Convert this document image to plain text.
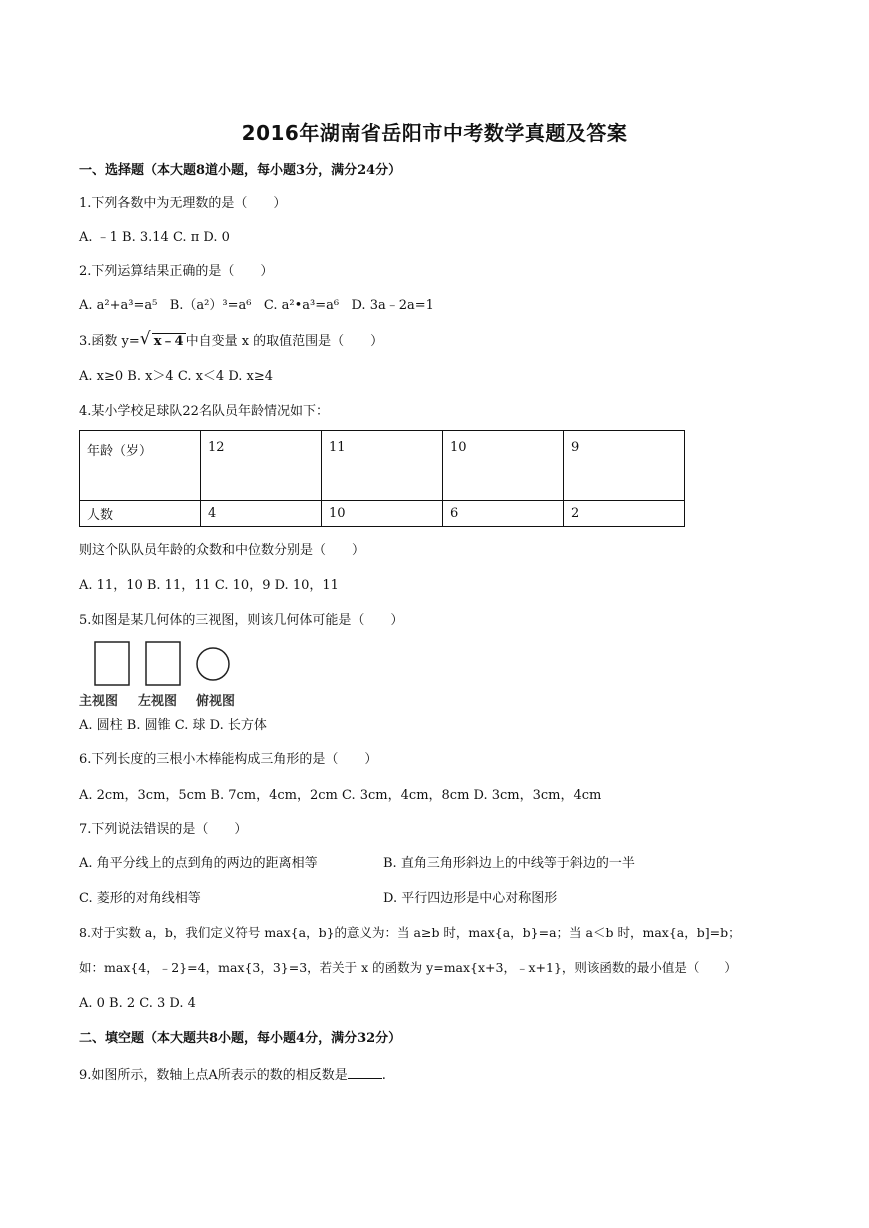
2016年湖南省岳阳市中考数学真题及答案
一、选择题（本大题8道小题，每小题3分，满分24分）
1.下列各数中为无理数的是（　　）
A. ﹣1 B. 3.14 C. π D. 0
2.下列运算结果正确的是（　　）
A. a²+a³=a⁵ B.（a²）³=a⁶ C. a²•a³=a⁶ D. 3a﹣2a=1
3.函数 y= √ x﹣4 中自变量 x 的取值范围是（　　）
A. x≥0 B. x＞4 C. x＜4 D. x≥4
4.某小学校足球队22名队员年龄情况如下：
年龄（岁）	12	11	10	9
人数	4	10	6	2
则这个队队员年龄的众数和中位数分别是（　　）
A. 11，10 B. 11，11 C. 10，9 D. 10，11
5.如图是某几何体的三视图，则该几何体可能是（　　）
主视图 左视图 俯视图
A. 圆柱 B. 圆锥 C. 球 D. 长方体
6.下列长度的三根小木棒能构成三角形的是（　　）
A. 2cm，3cm，5cm B. 7cm，4cm，2cm C. 3cm，4cm，8cm D. 3cm，3cm，4cm
7.下列说法错误的是（　　）
A. 角平分线上的点到角的两边的距离相等	B. 直角三角形斜边上的中线等于斜边的一半
C. 菱形的对角线相等	D. 平行四边形是中心对称图形
8.对于实数 a，b，我们定义符号 max{a，b}的意义为：当 a≥b 时，max{a，b}=a；当 a＜b 时，max{a，b]=b；
如：max{4，﹣2}=4，max{3，3}=3，若关于 x 的函数为 y=max{x+3，﹣x+1}，则该函数的最小值是（　　）
A. 0 B. 2 C. 3 D. 4
二、填空题（本大题共8小题，每小题4分，满分32分）
9.如图所示，数轴上点A所表示的数的相反数是	.
